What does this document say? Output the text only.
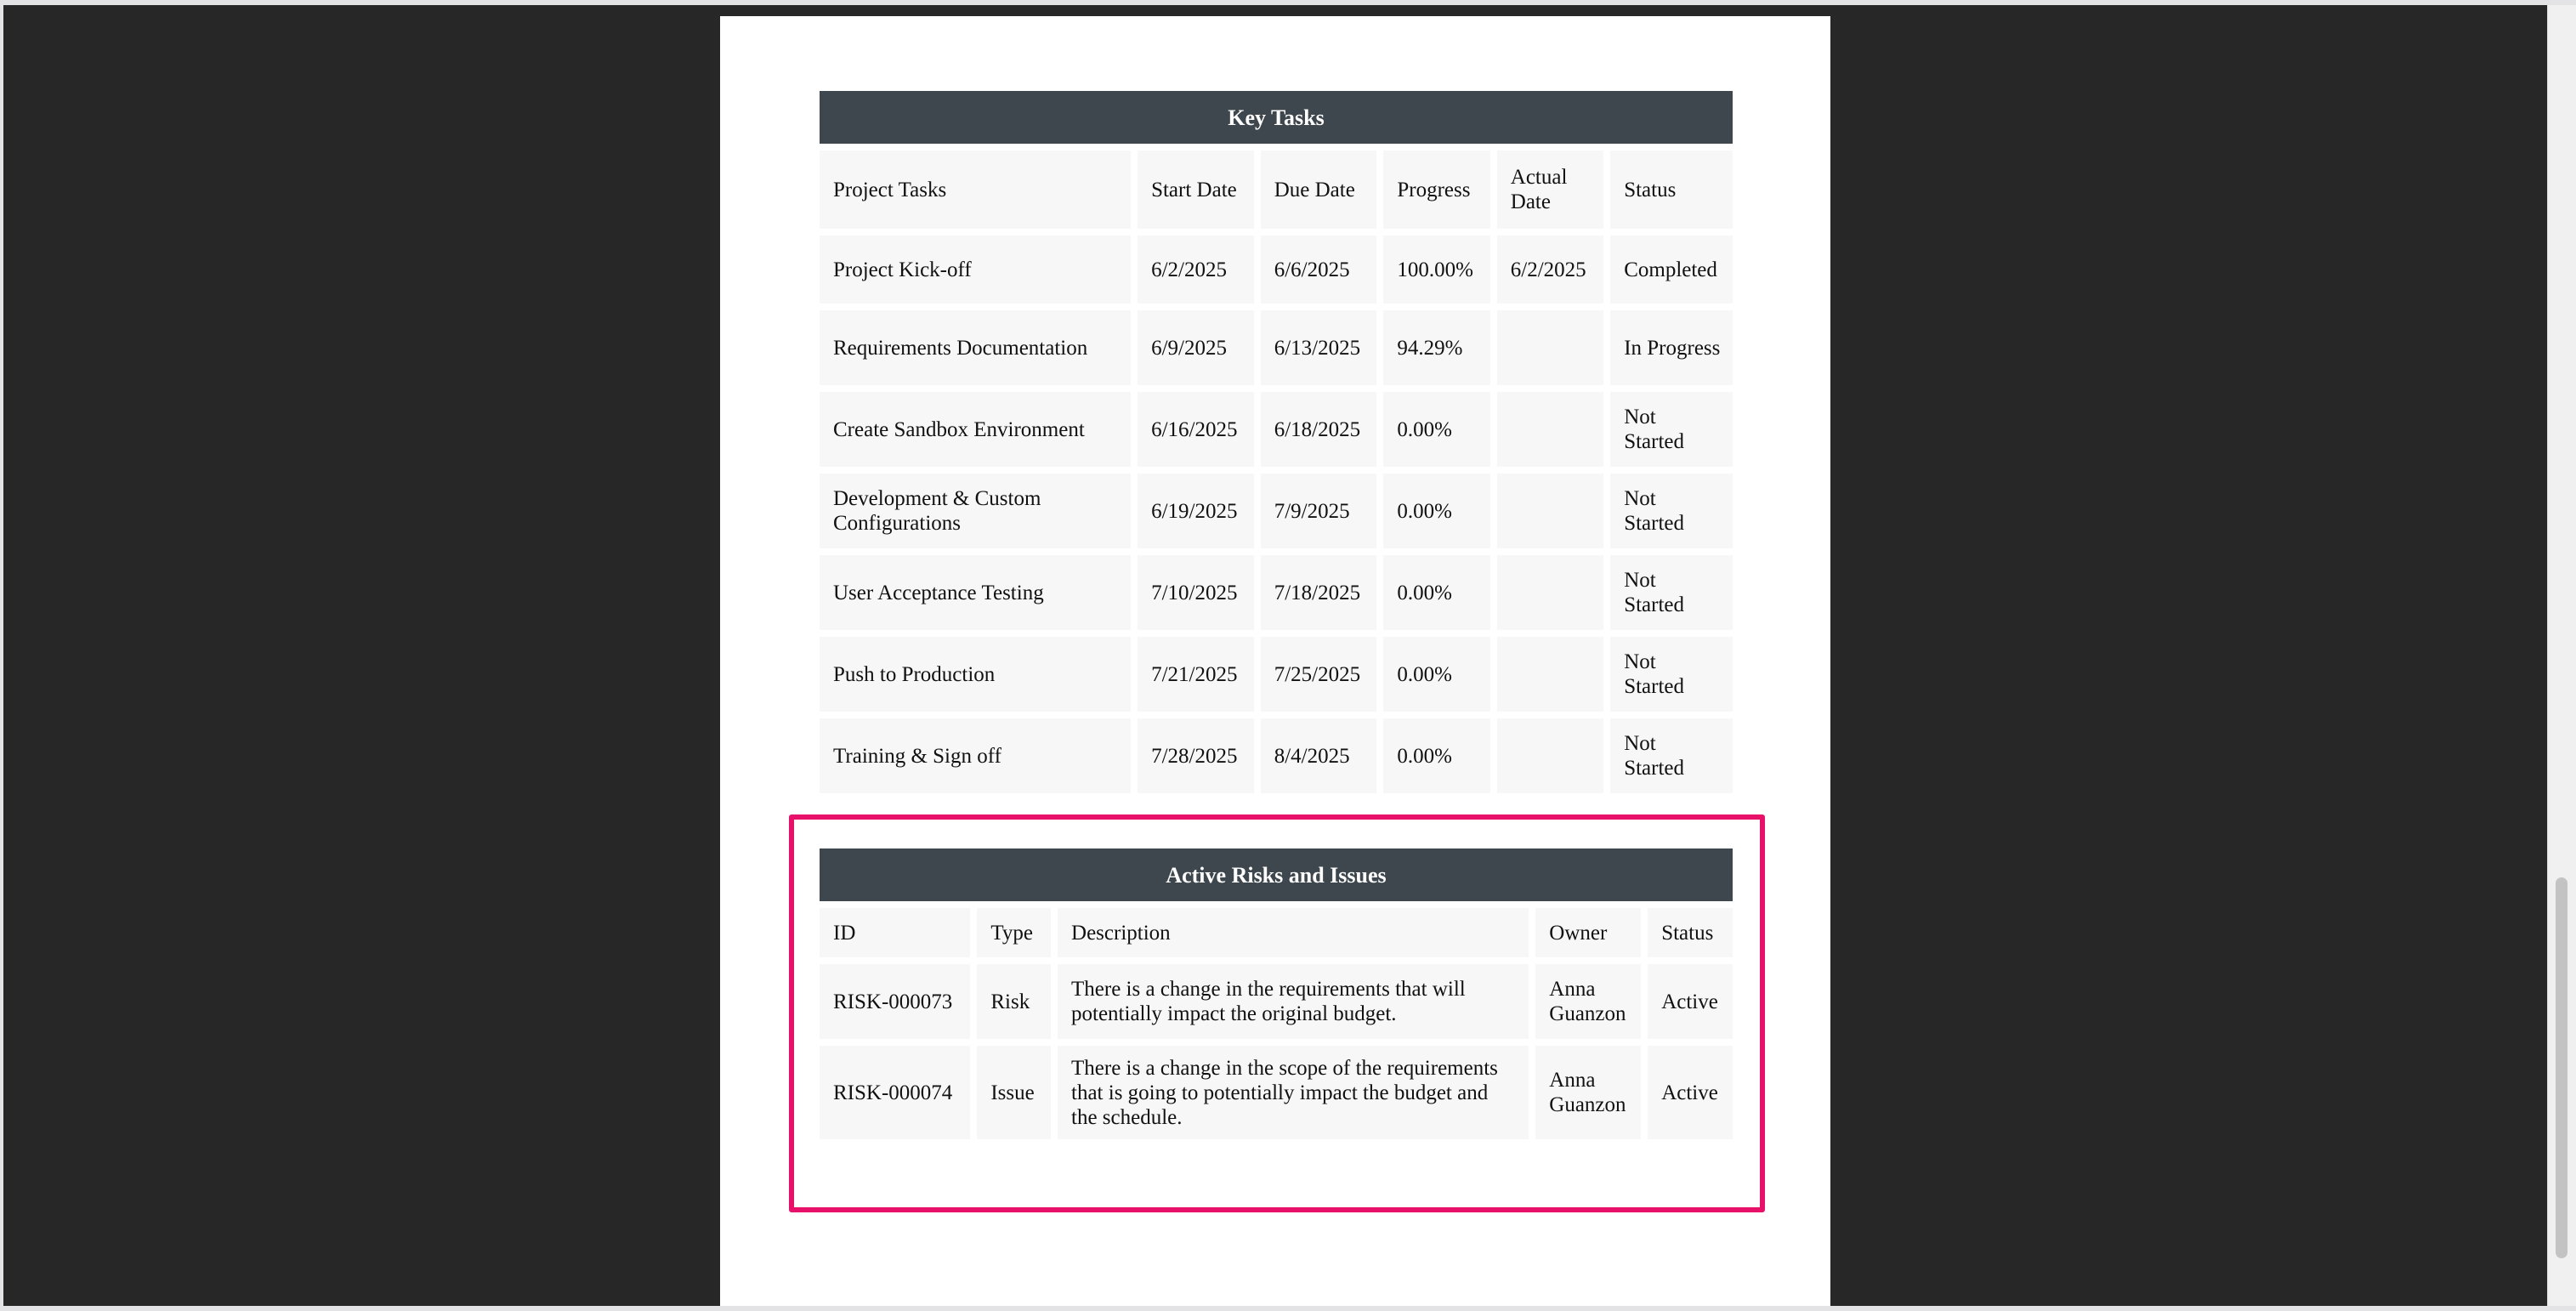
Key Tasks					
Project Tasks	Start Date	Due Date	Progress	Actual Date	Status
Project Kick-off	6/2/2025	6/6/2025	100.00%	6/2/2025	Completed
Requirements Documentation	6/9/2025	6/13/2025	94.29%		In Progress
Create Sandbox Environment	6/16/2025	6/18/2025	0.00%		Not Started
Development & Custom Configurations	6/19/2025	7/9/2025	0.00%		Not Started
User Acceptance Testing	7/10/2025	7/18/2025	0.00%		Not Started
Push to Production	7/21/2025	7/25/2025	0.00%		Not Started
Training & Sign off	7/28/2025	8/4/2025	0.00%		Not Started
Active Risks and Issues				
ID	Type	Description	Owner	Status
RISK-000073	Risk	There is a change in the requirements that will potentially impact the original budget.	Anna Guanzon	Active
RISK-000074	Issue	There is a change in the scope of the requirements that is going to potentially impact the budget and the schedule.	Anna Guanzon	Active
